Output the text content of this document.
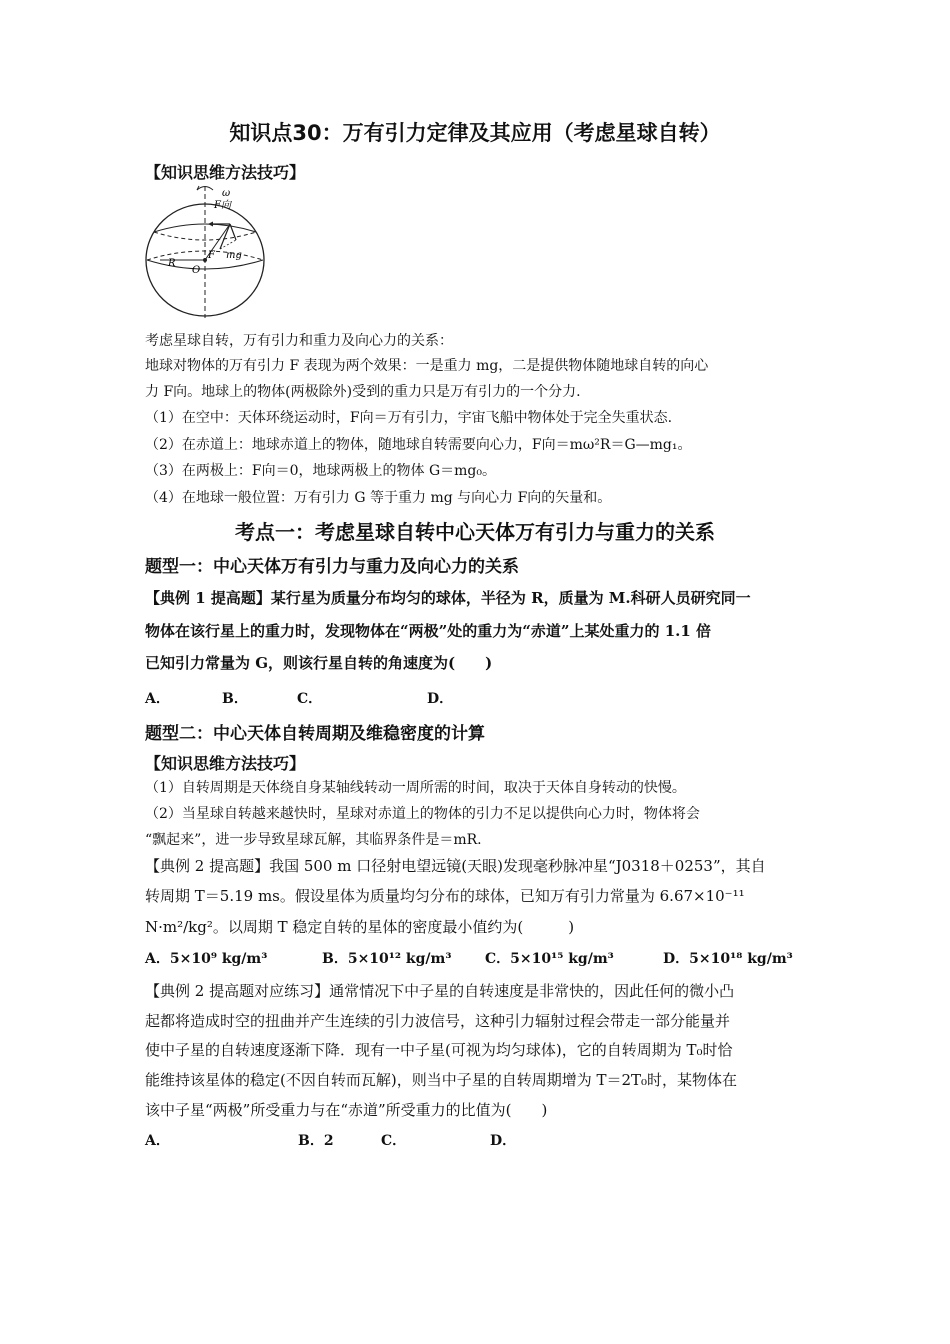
知识点30：万有引力定律及其应用（考虑星球自转）
【知识思维方法技巧】
ω
F向
F mg
R
O
考虑星球自转，万有引力和重力及向心力的关系：
地球对物体的万有引力 F 表现为两个效果：一是重力 mg，二是提供物体随地球自转的向心
力 F向。地球上的物体(两极除外)受到的重力只是万有引力的一个分力.
（1）在空中：天体环绕运动时，F向＝万有引力，宇宙飞船中物体处于完全失重状态.
（2）在赤道上：地球赤道上的物体，随地球自转需要向心力，F向＝mω²R＝G—mg₁。
（3）在两极上：F向＝0，地球两极上的物体 G＝mg₀。
（4）在地球一般位置：万有引力 G 等于重力 mg 与向心力 F向的矢量和。
考点一：考虑星球自转中心天体万有引力与重力的关系
题型一：中心天体万有引力与重力及向心力的关系
【典例 1 提高题】某行星为质量分布均匀的球体，半径为 R，质量为 M.科研人员研究同一
物体在该行星上的重力时，发现物体在“两极”处的重力为“赤道”上某处重力的 1.1 倍
已知引力常量为 G，则该行星自转的角速度为(　　)
A．	B．	C．	D．
题型二：中心天体自转周期及维稳密度的计算
【知识思维方法技巧】
（1）自转周期是天体绕自身某轴线转动一周所需的时间，取决于天体自身转动的快慢。
（2）当星球自转越来越快时，星球对赤道上的物体的引力不足以提供向心力时，物体将会
“飘起来”，进一步导致星球瓦解，其临界条件是＝mR.
【典例 2 提高题】我国 500 m 口径射电望远镜(天眼)发现毫秒脉冲星“J0318＋0253”，其自
转周期 T＝5.19 ms。假设星体为质量均匀分布的球体，已知万有引力常量为 6.67×10⁻¹¹
N·m²/kg²。以周期 T 稳定自转的星体的密度最小值约为(　　　)
A．5×10⁹ kg/m³	B．5×10¹² kg/m³ C．5×10¹⁵ kg/m³	D．5×10¹⁸ kg/m³
【典例 2 提高题对应练习】通常情况下中子星的自转速度是非常快的，因此任何的微小凸
起都将造成时空的扭曲并产生连续的引力波信号，这种引力辐射过程会带走一部分能量并
使中子星的自转速度逐渐下降．现有一中子星(可视为均匀球体)，它的自转周期为 T₀时恰
能维持该星体的稳定(不因自转而瓦解)，则当中子星的自转周期增为 T＝2T₀时，某物体在
该中子星“两极”所受重力与在“赤道”所受重力的比值为(　　)
A．	B．2	C．	D．
